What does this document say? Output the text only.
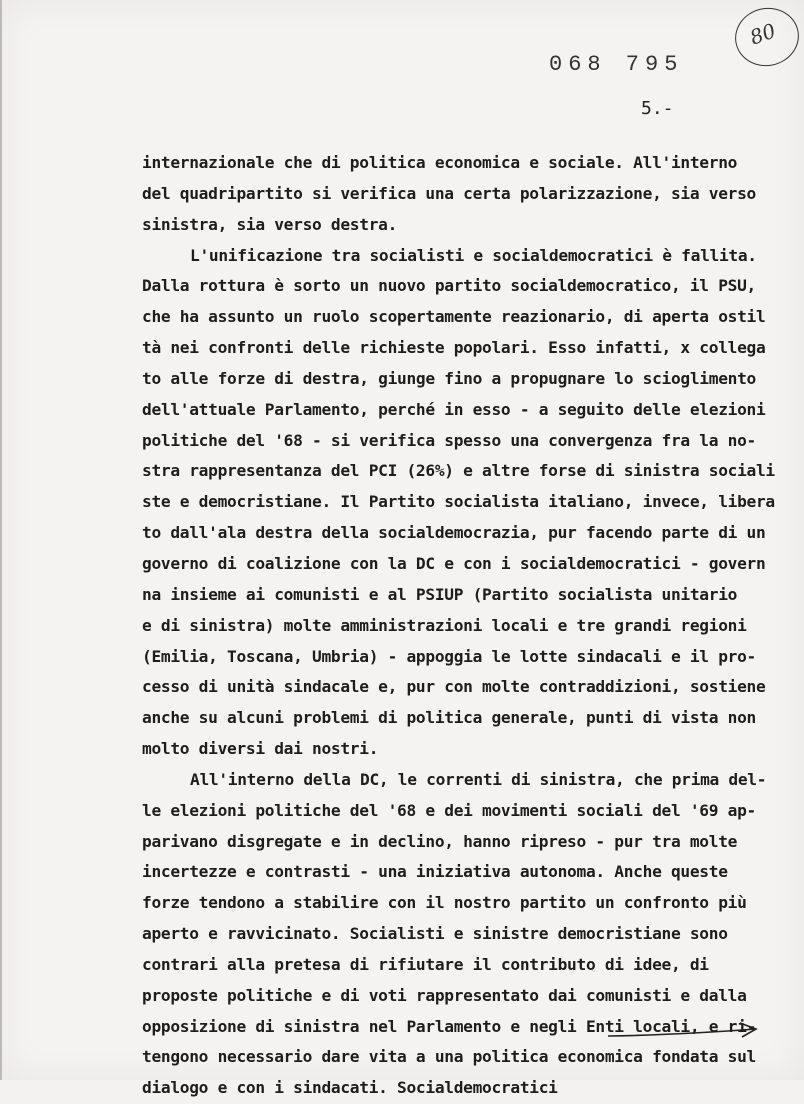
80
068 795
5.-
internazionale che di politica economica e sociale. All'interno
del quadripartito si verifica una certa polarizzazione, sia verso
sinistra, sia verso destra.
L'unificazione tra socialisti e socialdemocratici è fallita.
Dalla rottura è sorto un nuovo partito socialdemocratico, il PSU,
che ha assunto un ruolo scopertamente reazionario, di aperta ostil
tà nei confronti delle richieste popolari. Esso infatti, x collega
to alle forze di destra, giunge fino a propugnare lo scioglimento
dell'attuale Parlamento, perché in esso - a seguito delle elezioni
politiche del '68 - si verifica spesso una convergenza fra la no-
stra rappresentanza del PCI (26%) e altre forse di sinistra sociali
ste e democristiane. Il Partito socialista italiano, invece, libera
to dall'ala destra della socialdemocrazia, pur facendo parte di un
governo di coalizione con la DC e con i socialdemocratici - govern
na insieme ai comunisti e al PSIUP (Partito socialista unitario
e di sinistra) molte amministrazioni locali e tre grandi regioni
(Emilia, Toscana, Umbria) - appoggia le lotte sindacali e il pro-
cesso di unità sindacale e, pur con molte contraddizioni, sostiene
anche su alcuni problemi di politica generale, punti di vista non
molto diversi dai nostri.
All'interno della DC, le correnti di sinistra, che prima del-
le elezioni politiche del '68 e dei movimenti sociali del '69 ap-
parivano disgregate e in declino, hanno ripreso - pur tra molte
incertezze e contrasti - una iniziativa autonoma. Anche queste
forze tendono a stabilire con il nostro partito un confronto più
aperto e ravvicinato. Socialisti e sinistre democristiane sono
contrari alla pretesa di rifiutare il contributo di idee, di
proposte politiche e di voti rappresentato dai comunisti e dalla
opposizione di sinistra nel Parlamento e negli Enti locali, e ri-
tengono necessario dare vita a una politica economica fondata sul
dialogo e con i sindacati. Socialdemocratici
